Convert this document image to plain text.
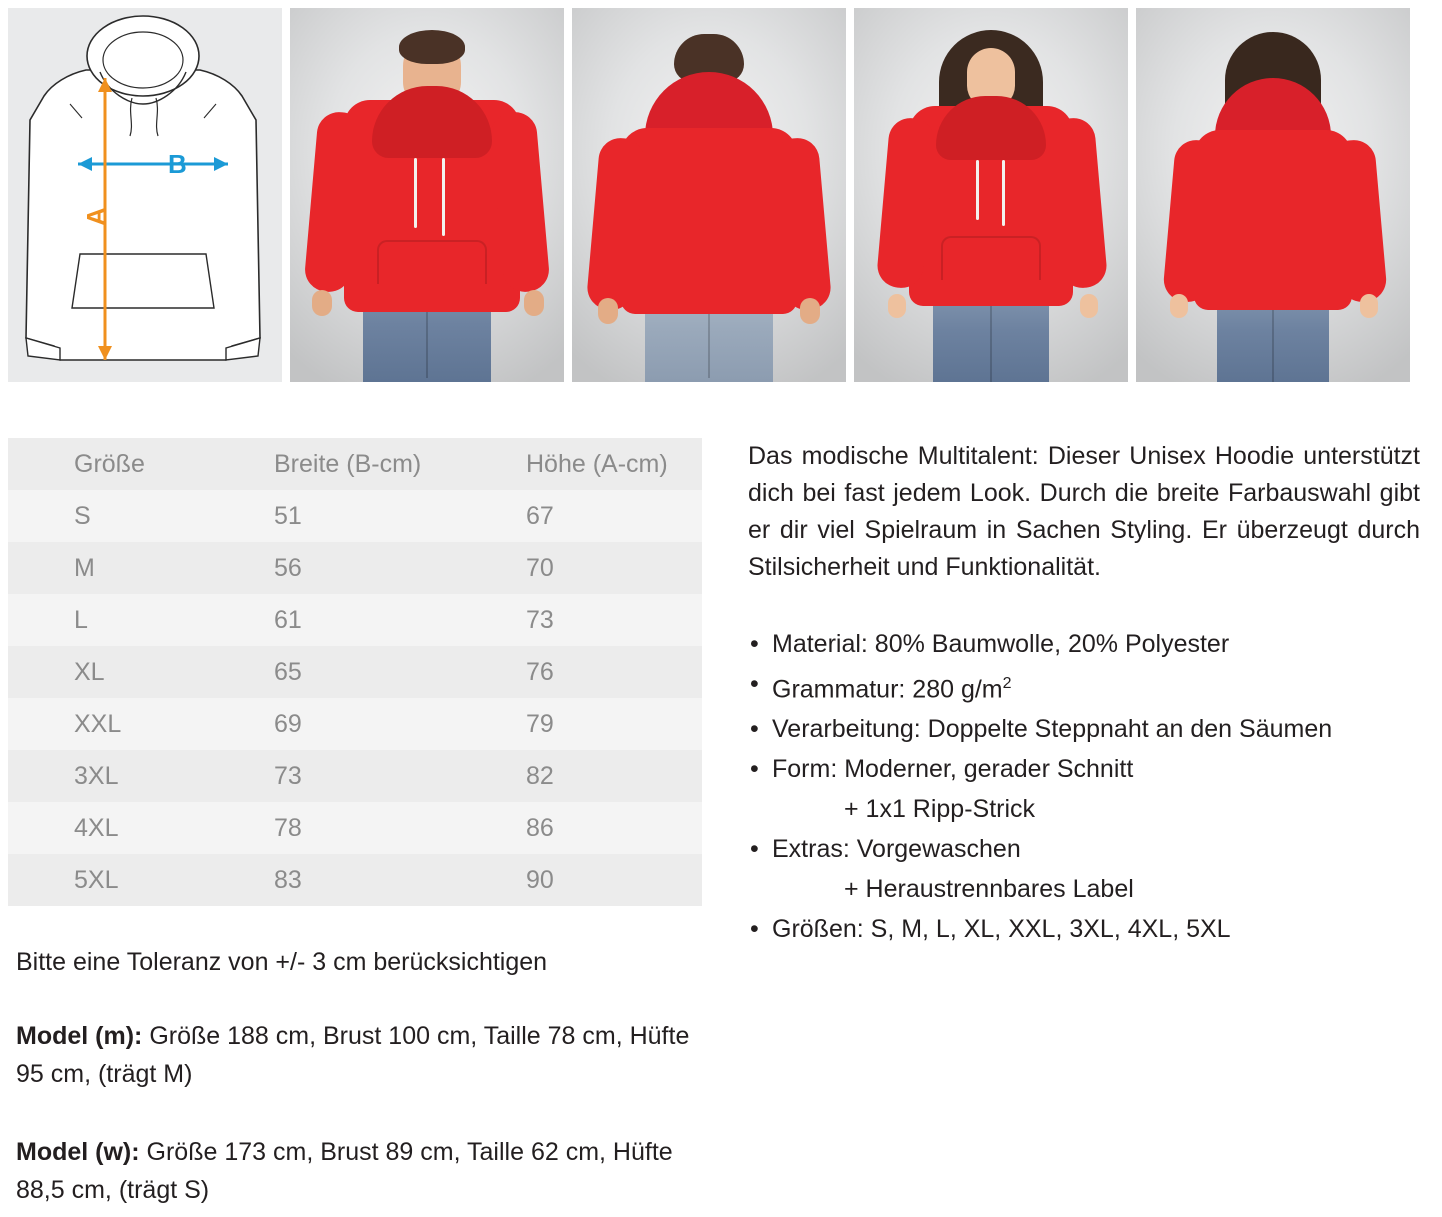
B
A
Größe	Breite (B-cm)	Höhe (A-cm)
S	51	67
M	56	70
L	61	73
XL	65	76
XXL	69	79
3XL	73	82
4XL	78	86
5XL	83	90
Bitte eine Toleranz von +/- 3 cm berücksichtigen
Model (m): Größe 188 cm, Brust 100 cm, Taille 78 cm, Hüfte 95 cm, (trägt M)
Model (w): Größe 173 cm, Brust 89 cm, Taille 62 cm, Hüfte 88,5 cm, (trägt S)
Das modische Multitalent: Dieser Unisex Hoodie unterstützt dich bei fast jedem Look. Durch die breite Farbauswahl gibt er dir viel Spielraum in Sachen Styling. Er überzeugt durch Stilsicherheit und Funktionalität.
• Material: 80% Baumwolle, 20% Polyester
• Grammatur: 280 $g/m^2$
• Verarbeitung: Doppelte Steppnaht an den Säumen
• Form: Moderner, gerader Schnitt
+ 1x1 Ripp-Strick
• Extras: Vorgewaschen
+ Heraustrennbares Label
• Größen: S, M, L, XL, XXL, 3XL, 4XL, 5XL
